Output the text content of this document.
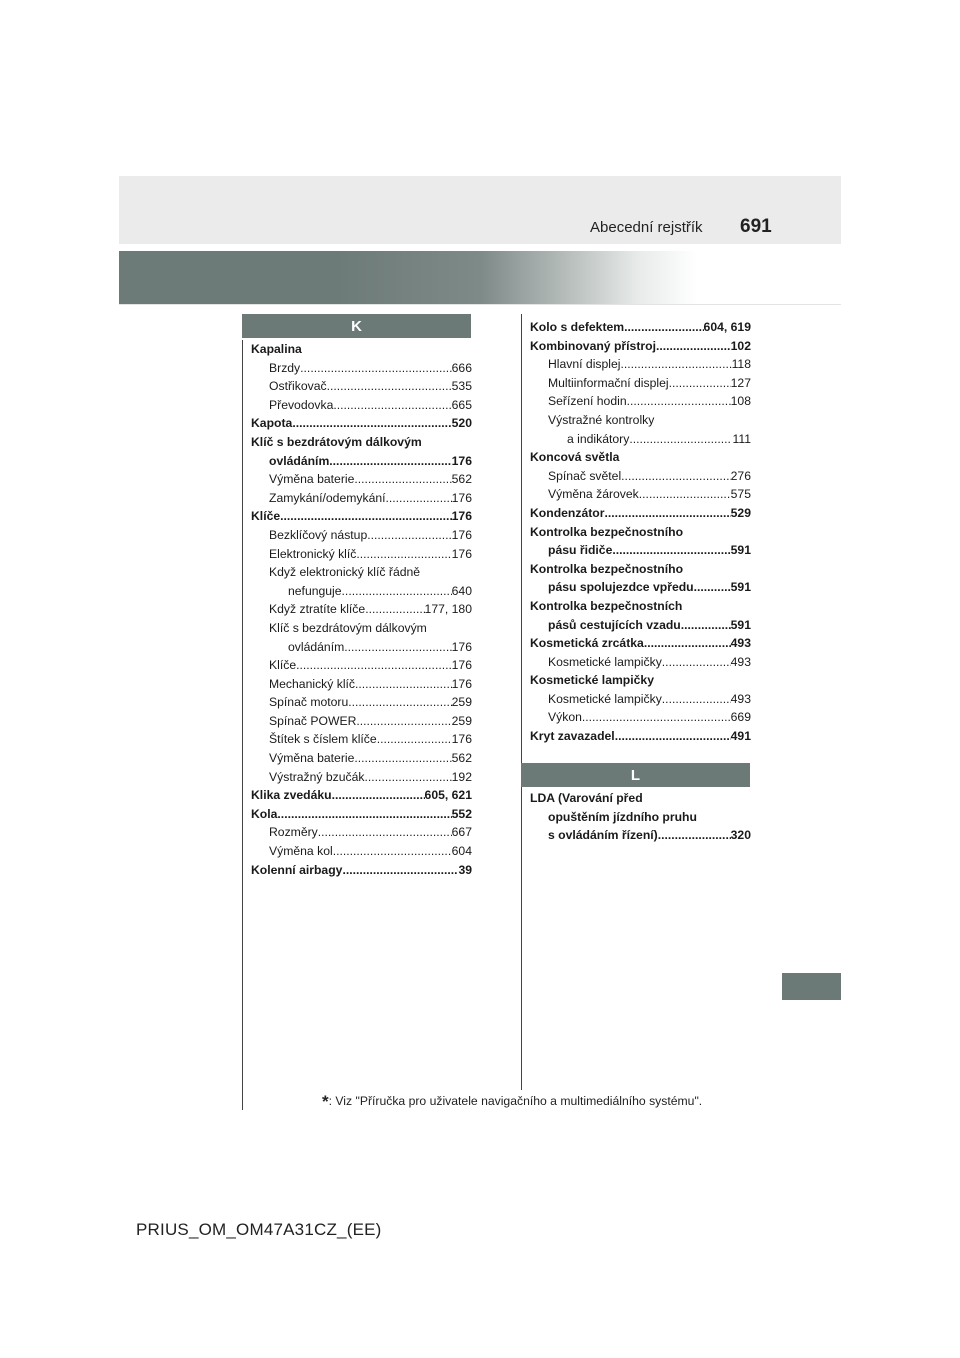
Abecední rejstřík 691
K
L
Kapalina
Brzdy .....	666
Ostřikovač .....	535
Převodovka .....	665
Kapota .....	520
Klíč s bezdrátovým dálkovým
ovládáním .....	176
Výměna baterie .....	562
Zamykání/odemykání .....	176
Klíče .....	176
Bezklíčový nástup .....	176
Elektronický klíč .....	176
Když elektronický klíč řádně
nefunguje .....	640
Když ztratíte klíče .....	177, 180
Klíč s bezdrátovým dálkovým
ovládáním .....	176
Klíče .....	176
Mechanický klíč .....	176
Spínač motoru .....	259
Spínač POWER .....	259
Štítek s číslem klíče .....	176
Výměna baterie .....	562
Výstražný bzučák .....	192
Klika zvedáku .....	605, 621
Kola .....	552
Rozměry .....	667
Výměna kol .....	604
Kolenní airbagy .....	39
Kolo s defektem .....	604, 619
Kombinovaný přístroj .....	102
Hlavní displej .....	118
Multiinformační displej .....	127
Seřízení hodin .....	108
Výstražné kontrolky
a indikátory .....	111
Koncová světla
Spínač světel .....	276
Výměna žárovek .....	575
Kondenzátor .....	529
Kontrolka bezpečnostního
pásu řidiče .....	591
Kontrolka bezpečnostního
pásu spolujezdce vpředu .....	591
Kontrolka bezpečnostních
pásů cestujících vzadu .....	591
Kosmetická zrcátka .....	493
Kosmetické lampičky .....	493
Kosmetické lampičky
Kosmetické lampičky .....	493
Výkon .....	669
Kryt zavazadel .....	491
LDA (Varování před
opuštěním jízdního pruhu
s ovládáním řízení) .....	320
*: Viz "Příručka pro uživatele navigačního a multimediálního systému".
PRIUS_OM_OM47A31CZ_(EE)
